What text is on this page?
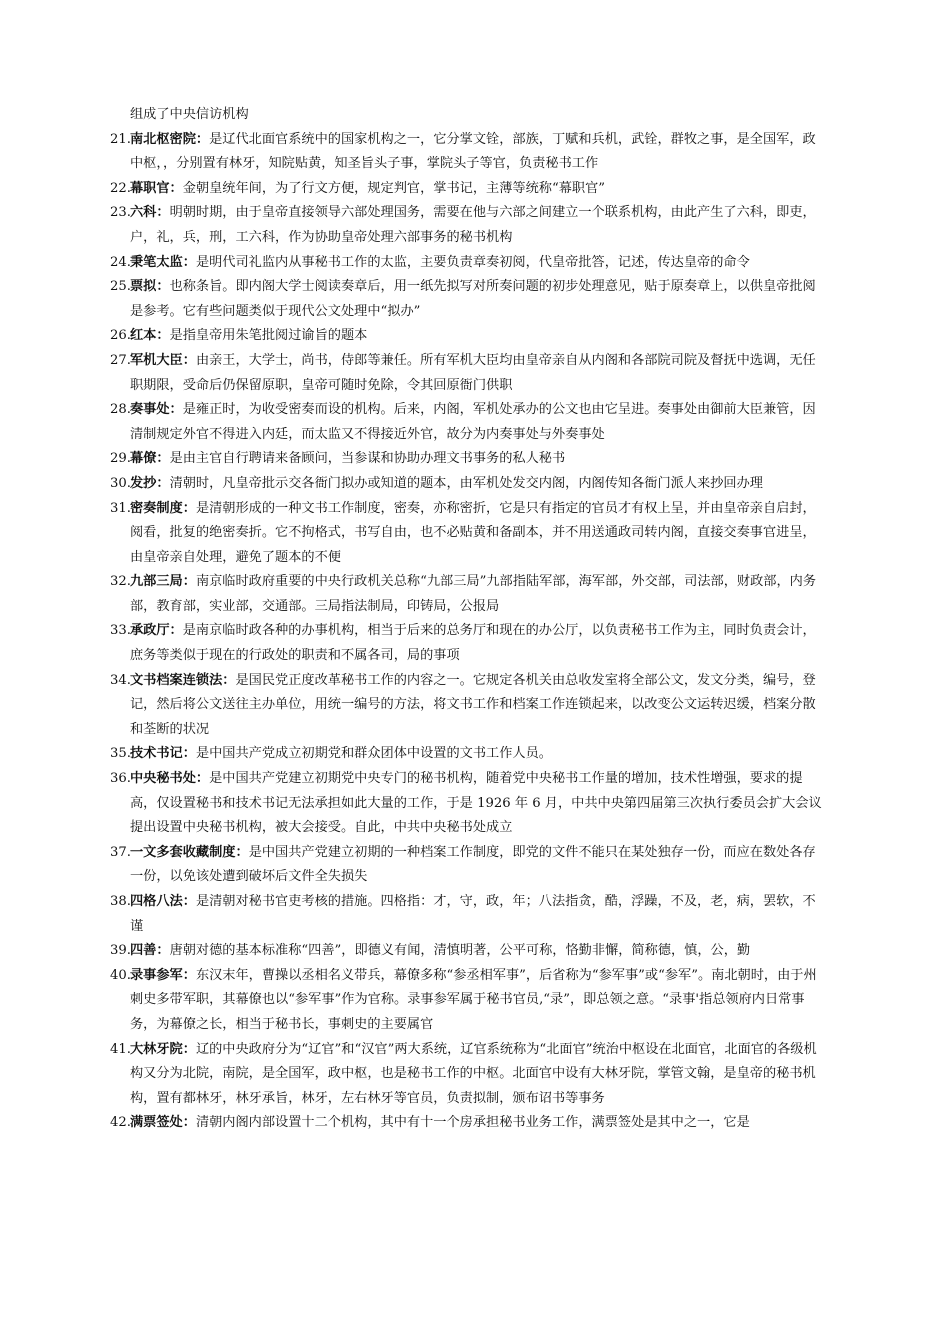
组成了中央信访机构
21. 南北枢密院：是辽代北面官系统中的国家机构之一，它分掌文铨，部族，丁赋和兵机，武铨，群牧之事，是全国军，政中枢，，分别置有林牙，知院贴黄，知圣旨头子事，掌院头子等官，负责秘书工作
22. 幕职官：金朝皇统年间，为了行文方便，规定判官，掌书记，主薄等统称“幕职官”
23. 六科：明朝时期，由于皇帝直接领导六部处理国务，需要在他与六部之间建立一个联系机构，由此产生了六科，即吏，户，礼，兵，刑，工六科，作为协助皇帝处理六部事务的秘书机构
24. 秉笔太监：是明代司礼监内从事秘书工作的太监，主要负责章奏初阅，代皇帝批答，记述，传达皇帝的命令
25. 票拟：也称条旨。即内阁大学士阅读奏章后，用一纸先拟写对所奏问题的初步处理意见，贴于原奏章上，以供皇帝批阅是参考。它有些问题类似于现代公文处理中“拟办”
26. 红本：是指皇帝用朱笔批阅过谕旨的题本
27. 军机大臣：由亲王，大学士，尚书，侍郎等兼任。所有军机大臣均由皇帝亲自从内阁和各部院司院及督抚中选调，无任职期限，受命后仍保留原职，皇帝可随时免除，令其回原衙门供职
28. 奏事处：是雍正时，为收受密奏而设的机构。后来，内阁，军机处承办的公文也由它呈进。奏事处由御前大臣兼管，因清制规定外官不得进入内廷，而太监又不得接近外官，故分为内奏事处与外奏事处
29. 幕僚：是由主官自行聘请来备顾问，当参谋和协助办理文书事务的私人秘书
30. 发抄：清朝时，凡皇帝批示交各衙门拟办或知道的题本，由军机处发交内阁，内阁传知各衙门派人来抄回办理
31. 密奏制度：是清朝形成的一种文书工作制度，密奏，亦称密折，它是只有指定的官员才有权上呈，并由皇帝亲自启封，阅看，批复的绝密奏折。它不拘格式，书写自由，也不必贴黄和备副本，并不用送通政司转内阁，直接交奏事官进呈，由皇帝亲自处理，避免了题本的不便
32. 九部三局：南京临时政府重要的中央行政机关总称“九部三局”九部指陆军部，海军部，外交部，司法部，财政部，内务部，教育部，实业部，交通部。三局指法制局，印铸局，公报局
33. 承政厅：是南京临时政各种的办事机构，相当于后来的总务厅和现在的办公厅，以负责秘书工作为主，同时负责会计，庶务等类似于现在的行政处的职责和不属各司，局的事项
34. 文书档案连锁法：是国民党正度改革秘书工作的内容之一。它规定各机关由总收发室将全部公文，发文分类，编号，登记，然后将公文送往主办单位，用统一编号的方法，将文书工作和档案工作连锁起来，以改变公文运转迟缓，档案分散和荃断的状况
35. 技术书记：是中国共产党成立初期党和群众团体中设置的文书工作人员。
36. 中央秘书处：是中国共产党建立初期党中央专门的秘书机构，随着党中央秘书工作量的增加，技术性增强，要求的提高，仅设置秘书和技术书记无法承担如此大量的工作，于是 1926 年 6 月，中共中央第四届第三次执行委员会扩大会议提出设置中央秘书机构，被大会接受。自此，中共中央秘书处成立
37. 一文多套收藏制度：是中国共产党建立初期的一种档案工作制度，即党的文件不能只在某处独存一份，而应在数处各存一份，以免该处遭到破坏后文件全失损失
38. 四格八法：是清朝对秘书官吏考核的措施。四格指：才，守，政，年；八法指贪，酷，浮躁，不及，老，病，罢软，不谨
39. 四善：唐朝对德的基本标准称“四善”，即德义有闻，清慎明著，公平可称，恪勤非懈，简称德，慎，公，勤
40. 录事参军：东汉末年，曹操以丞相名义带兵，幕僚多称“参丞相军事”，后省称为“参军事”或“参军”。南北朝时，由于州刺史多带军职，其幕僚也以“参军事”作为官称。录事参军属于秘书官员,“录”，即总领之意。“录事'指总领府内日常事务，为幕僚之长，相当于秘书长，事刺史的主要属官
41. 大林牙院：辽的中央政府分为“辽官”和“汉官”两大系统，辽官系统称为“北面官”统治中枢设在北面官，北面官的各级机构又分为北院，南院，是全国军，政中枢，也是秘书工作的中枢。北面官中设有大林牙院，掌管文翰，是皇帝的秘书机构，置有都林牙，林牙承旨，林牙，左右林牙等官员，负责拟制，颁布诏书等事务
42. 满票签处：清朝内阁内部设置十二个机构，其中有十一个房承担秘书业务工作，满票签处是其中之一，它是
